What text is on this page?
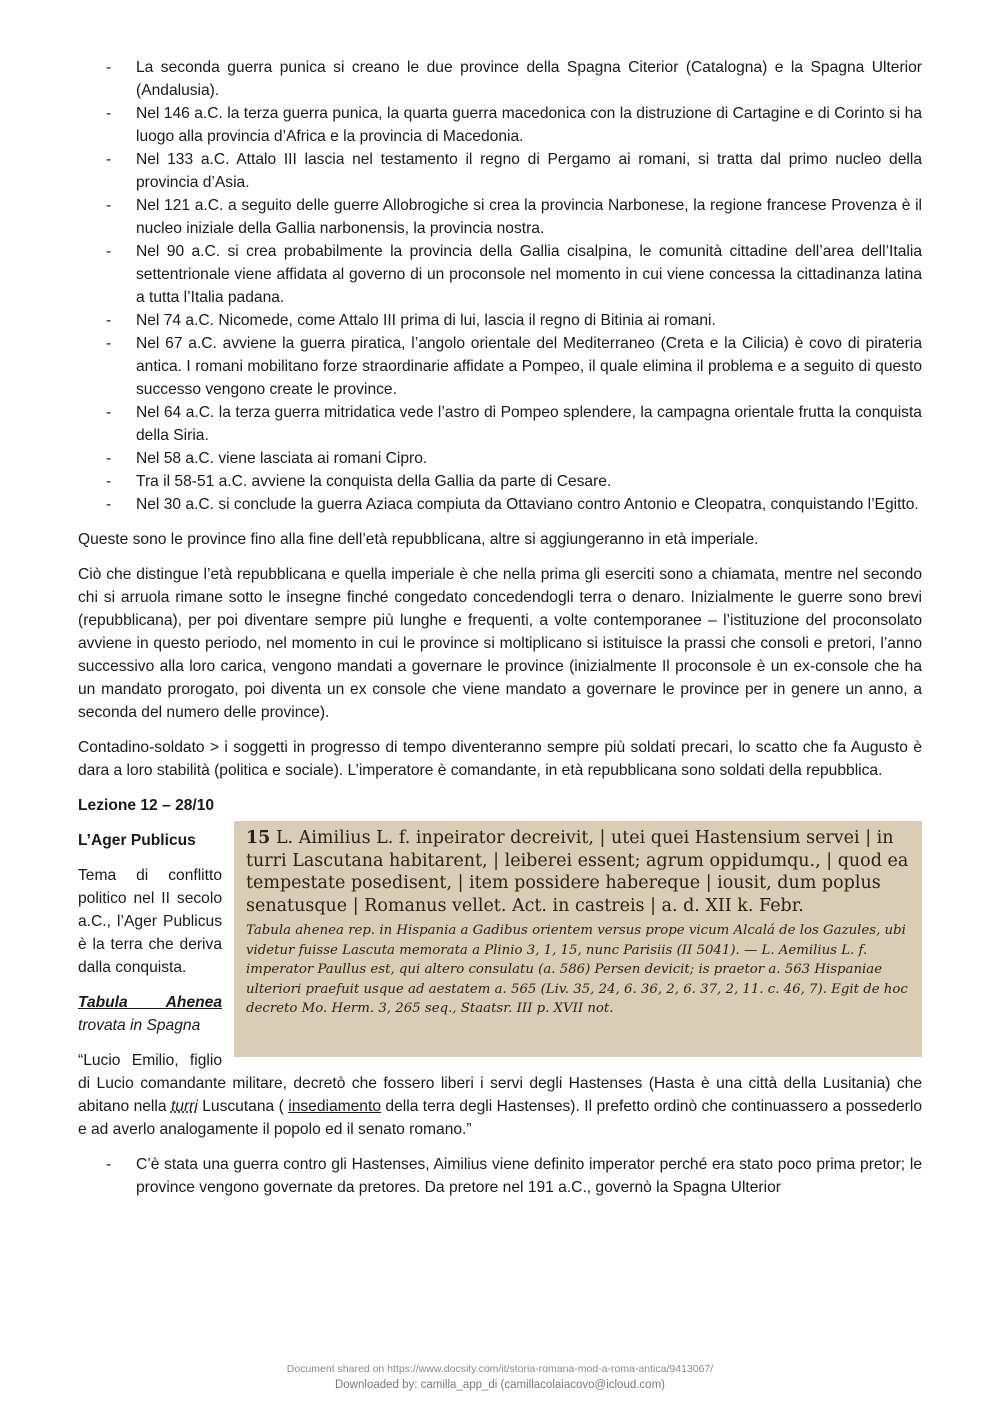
- La seconda guerra punica si creano le due province della Spagna Citerior (Catalogna) e la Spagna Ulterior (Andalusia).
- Nel 146 a.C. la terza guerra punica, la quarta guerra macedonica con la distruzione di Cartagine e di Corinto si ha luogo alla provincia d’Africa e la provincia di Macedonia.
- Nel 133 a.C. Attalo III lascia nel testamento il regno di Pergamo ai romani, si tratta dal primo nucleo della provincia d’Asia.
- Nel 121 a.C. a seguito delle guerre Allobrogiche si crea la provincia Narbonese, la regione francese Provenza è il nucleo iniziale della Gallia narbonensis, la provincia nostra.
- Nel 90 a.C. si crea probabilmente la provincia della Gallia cisalpina, le comunità cittadine dell’area dell’Italia settentrionale viene affidata al governo di un proconsole nel momento in cui viene concessa la cittadinanza latina a tutta l’Italia padana.
- Nel 74 a.C. Nicomede, come Attalo III prima di lui, lascia il regno di Bitinia ai romani.
- Nel 67 a.C. avviene la guerra piratica, l’angolo orientale del Mediterraneo (Creta e la Cilicia) è covo di pirateria antica. I romani mobilitano forze straordinarie affidate a Pompeo, il quale elimina il problema e a seguito di questo successo vengono create le province.
- Nel 64 a.C. la terza guerra mitridatica vede l’astro di Pompeo splendere, la campagna orientale frutta la conquista della Siria.
- Nel 58 a.C. viene lasciata ai romani Cipro.
- Tra il 58-51 a.C. avviene la conquista della Gallia da parte di Cesare.
- Nel 30 a.C. si conclude la guerra Aziaca compiuta da Ottaviano contro Antonio e Cleopatra, conquistando l’Egitto.

Queste sono le province fino alla fine dell’età repubblicana, altre si aggiungeranno in età imperiale.

Ciò che distingue l’età repubblicana e quella imperiale è che nella prima gli eserciti sono a chiamata, mentre nel secondo chi si arruola rimane sotto le insegne finché congedato concedendogli terra o denaro. Inizialmente le guerre sono brevi (repubblicana), per poi diventare sempre più lunghe e frequenti, a volte contemporanee – l’istituzione del proconsolato avviene in questo periodo, nel momento in cui le province si moltiplicano si istituisce la prassi che consoli e pretori, l’anno successivo alla loro carica, vengono mandati a governare le province (inizialmente Il proconsole è un ex-console che ha un mandato prorogato, poi diventa un ex console che viene mandato a governare le province per in genere un anno, a seconda del numero delle province).

Contadino-soldato > i soggetti in progresso di tempo diventeranno sempre più soldati precari, lo scatto che fa Augusto è dara a loro stabilità (politica e sociale). L’imperatore è comandante, in età repubblicana sono soldati della repubblica.

Lezione 12 – 28/10

15 L. Aimilius L. f. inpeirator decreivit, | utei quei Hastensium servei | in turri Lascutana habitarent, | leiberei essent; agrum oppidumqu., | quod ea tempestate posedisent, | item possidere habereque | iousit, dum poplus senatusque | Romanus vellet. Act. in castreis | a. d. XII k. Febr.
Tabula ahenea rep. in Hispania a Gadibus orientem versus prope vicum Alcalá de los Gazules, ubi videtur fuisse Lascuta memorata a Plinio 3, 1, 15, nunc Parisiis (II 5041). — L. Aemilius L. f. imperator Paullus est, qui altero consulatu (a. 586) Persen devicit; is praetor a. 563 Hispaniae ulteriori praefuit usque ad aestatem a. 565 (Liv. 35, 24, 6. 36, 2, 6. 37, 2, 11. c. 46, 7). Egit de hoc decreto Mo. Herm. 3, 265 seq., Staatsr. III p. XVII not.

L’Ager Publicus

Tema di conflitto politico nel II secolo a.C., l’Ager Publicus è la terra che deriva dalla conquista.

Tabula Ahenea trovata in Spagna

“Lucio Emilio, figlio di Lucio comandante militare, decretò che fossero liberi i servi degli Hastenses (Hasta è una città della Lusitania) che abitano nella turri Luscutana ( insediamento della terra degli Hastenses). Il prefetto ordinò che continuassero a possederlo e ad averlo analogamente il popolo ed il senato romano.”

- C’è stata una guerra contro gli Hastenses, Aimilius viene definito imperator perché era stato poco prima pretor; le province vengono governate da pretores. Da pretore nel 191 a.C., governò la Spagna Ulterior
Document shared on https://www.docsity.com/it/storia-romana-mod-a-roma-antica/9413067/
Downloaded by: camilla_app_di (camillacolaiacovo@icloud.com)
